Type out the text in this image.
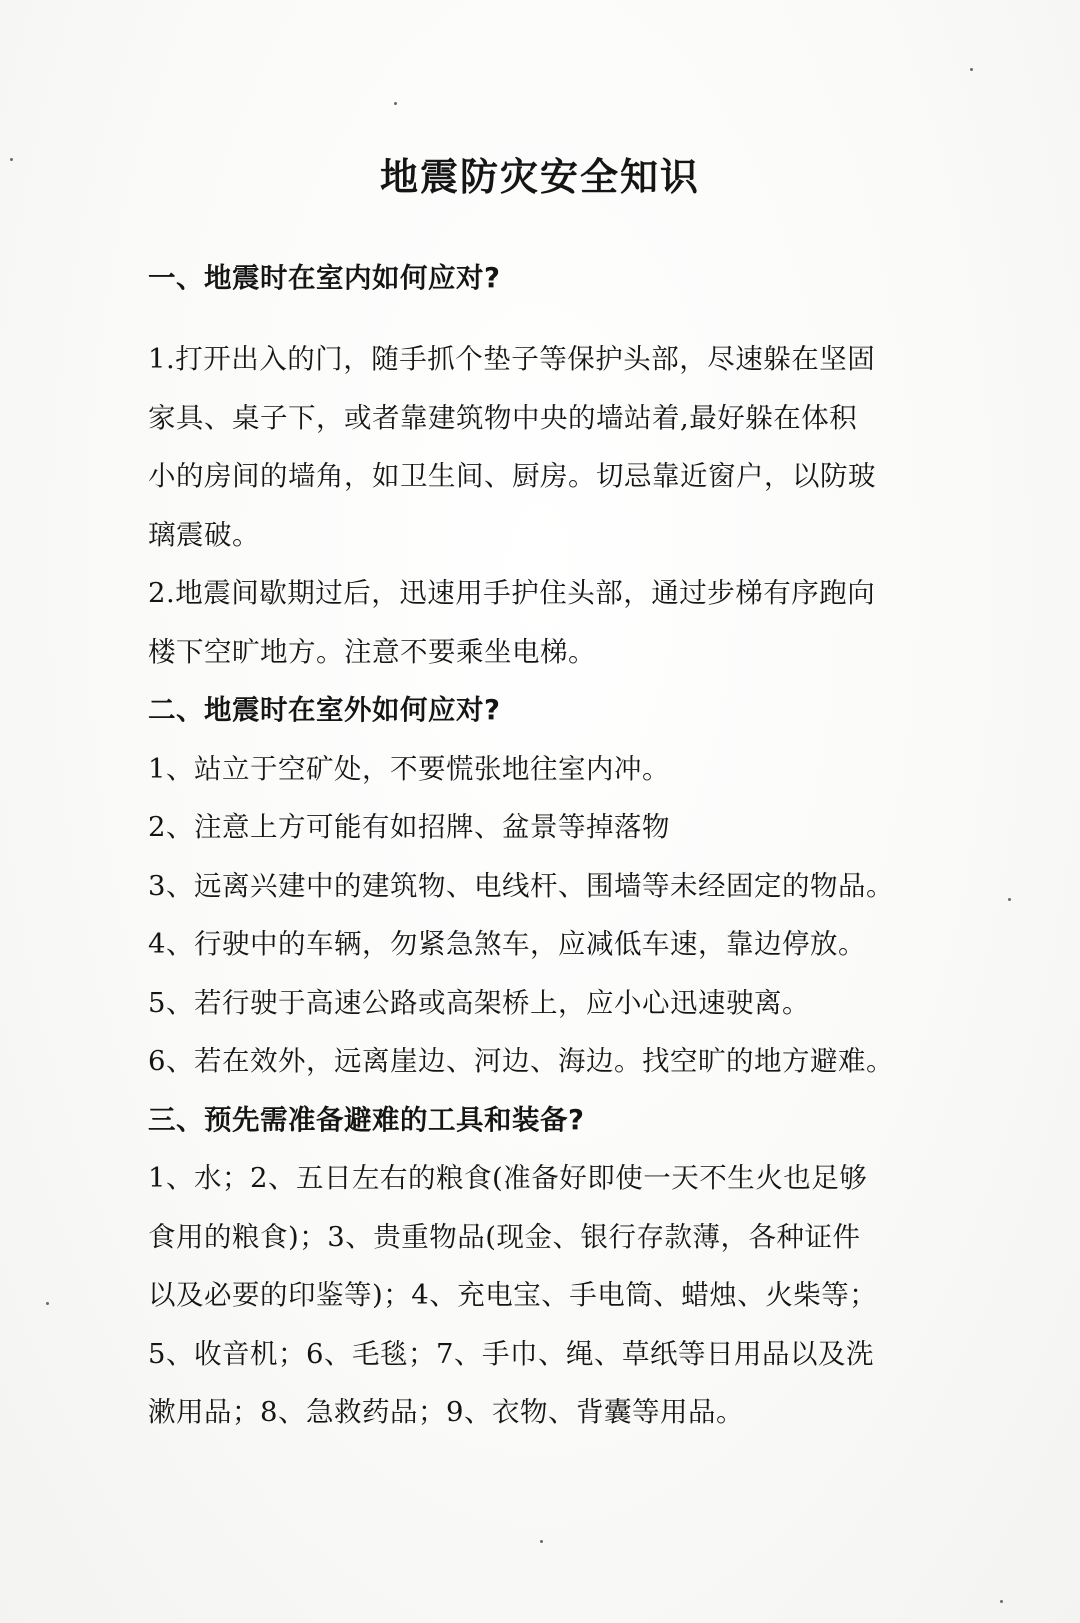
地震防灾安全知识
一、地震时在室内如何应对?
1.打开出入的门，随手抓个垫子等保护头部，尽速躲在坚固
家具、桌子下，或者靠建筑物中央的墙站着,最好躲在体积
小的房间的墙角，如卫生间、厨房。切忌靠近窗户，以防玻
璃震破。
2.地震间歇期过后，迅速用手护住头部，通过步梯有序跑向
楼下空旷地方。注意不要乘坐电梯。
二、地震时在室外如何应对?
1、站立于空矿处，不要慌张地往室内冲。
2、注意上方可能有如招牌、盆景等掉落物
3、远离兴建中的建筑物、电线杆、围墙等未经固定的物品。
4、行驶中的车辆，勿紧急煞车，应减低车速，靠边停放。
5、若行驶于高速公路或高架桥上，应小心迅速驶离。
6、若在效外，远离崖边、河边、海边。找空旷的地方避难。
三、预先需准备避难的工具和装备?
1、水；2、五日左右的粮食(准备好即使一天不生火也足够
食用的粮食)；3、贵重物品(现金、银行存款薄，各种证件
以及必要的印鉴等)；4、充电宝、手电筒、蜡烛、火柴等；
5、收音机；6、毛毯；7、手巾、绳、草纸等日用品以及洗
漱用品；8、急救药品；9、衣物、背囊等用品。
